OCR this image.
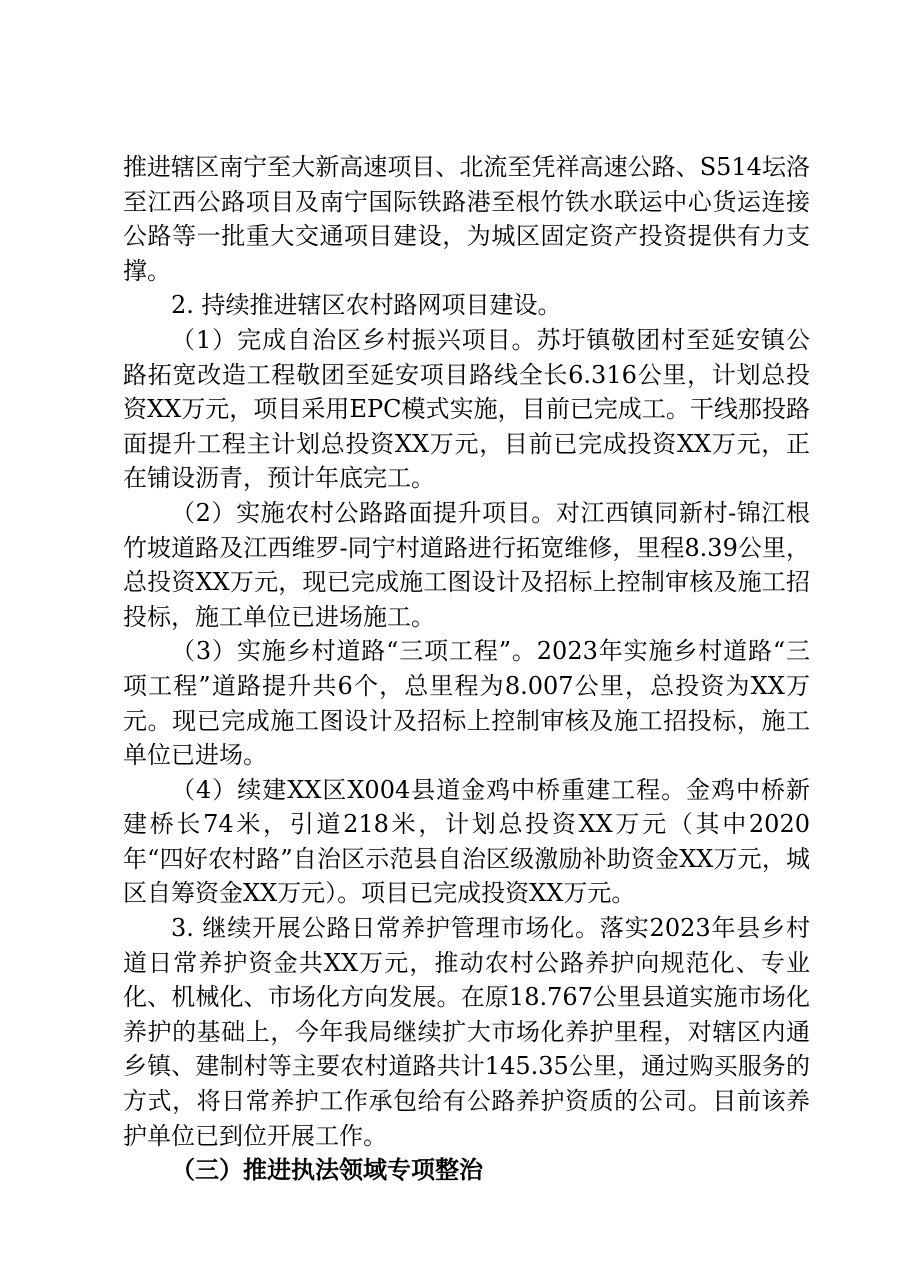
推进辖区南宁至大新高速项目、北流至凭祥高速公路、S514坛洛至江西公路项目及南宁国际铁路港至根竹铁水联运中心货运连接公路等一批重大交通项目建设，为城区固定资产投资提供有力支撑。

2. 持续推进辖区农村路网项目建设。

（1）完成自治区乡村振兴项目。苏圩镇敬团村至延安镇公路拓宽改造工程敬团至延安项目路线全长6.316公里，计划总投资XX万元，项目采用EPC模式实施，目前已完成工。干线那投路面提升工程主计划总投资XX万元，目前已完成投资XX万元，正在铺设沥青，预计年底完工。

（2）实施农村公路路面提升项目。对江西镇同新村-锦江根竹坡道路及江西维罗-同宁村道路进行拓宽维修，里程8.39公里，总投资XX万元，现已完成施工图设计及招标上控制审核及施工招投标，施工单位已进场施工。

（3）实施乡村道路“三项工程”。2023年实施乡村道路“三项工程”道路提升共6个，总里程为8.007公里，总投资为XX万元。现已完成施工图设计及招标上控制审核及施工招投标，施工单位已进场。

（4）续建XX区X004县道金鸡中桥重建工程。金鸡中桥新建桥长74米，引道218米，计划总投资XX万元（其中2020年“四好农村路”自治区示范县自治区级激励补助资金XX万元，城区自筹资金XX万元）。项目已完成投资XX万元。

3. 继续开展公路日常养护管理市场化。落实2023年县乡村道日常养护资金共XX万元，推动农村公路养护向规范化、专业化、机械化、市场化方向发展。在原18.767公里县道实施市场化养护的基础上，今年我局继续扩大市场化养护里程，对辖区内通乡镇、建制村等主要农村道路共计145.35公里，通过购买服务的方式，将日常养护工作承包给有公路养护资质的公司。目前该养护单位已到位开展工作。

（三）推进执法领域专项整治
